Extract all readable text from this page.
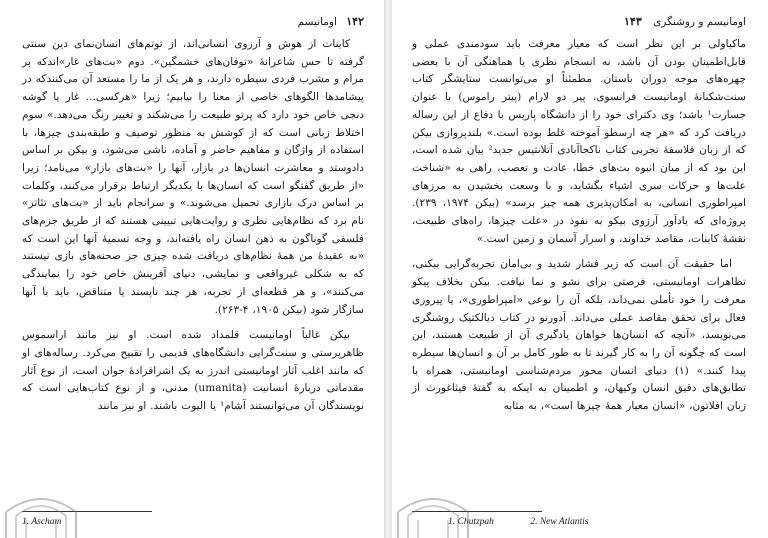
۱۴۲ اومانیسم

کاینات از هوش و آرزوی انسانی‌اند، از توتم‌های انسان‌نمای دین سنتی گرفته تا حس شاعرانهٔ «توفان‌های خشمگین». دوم «بت‌های غار»اندکه بر مرام و مشرب فردی سیطره دارند، و هر یک از ما را مستعد آن می‌کنندکه در پیشامدها الگوهای خاصی از معنا را بیابیم؛ زیرا «هرکسی... غار یا گوشه دنجی خاص خود دارد که پرتو طبیعت را می‌شکند و تغییر رنگ می‌دهد.» سوم اختلاط زبانی است که از کوشش به منظور توصیف و طبقه‌بندی چیزها، با استفاده از واژگان و مفاهیم حاضر و آماده، ناشی می‌شود، و بیکن بر اساس دادوستد و معاشرت انسان‌ها در بازار، آنها را «بت‌های بازار» می‌نامد؛ زیرا «از طریق گفتگو است که انسان‌ها با یکدیگر ارتباط برقرار می‌کنند، وکلمات بر اساس درک بازاری تحمیل می‌شوند.» و سرانجام باید از «بت‌های تئاتر» نام برد که نظام‌هایی نظری و روایت‌هایی تبیینی هستند که از طریق جزم‌های فلسفی گوناگون به ذهن انسان راه یافته‌اند، و وجه تسمیهٔ آنها این است که «به عقیدهٔ من همهٔ نظام‌های دریافت شده چیزی جز صحنه‌های بازی نیستند که به شکلی غیرواقعی و نمایشی، دنیای آفرینش خاص خود را نمایندگی می‌کنند»، و هر قطعه‌ای از تجربه، هر چند ناپسند یا متناقض، باید با آنها سازگار شود (بیکن ۱۹۰۵، ۴-۲۶۳).

بیکن غالباً اومانیست قلمداد شده است. او نیز مانند اراسموس ظاهرپرستی و سنت‌گرایی دانشگاه‌های قدیمی را تقبیح می‌کرد. رساله‌های او که مانند اغلب آثار اومانیستی اندرز به یک اشرافزادهٔ جوان است، از نوع آثار مقدماتی دربارهٔ انسانیت (umanita) مدنی، و از نوع کتاب‌هایی است که نویسندگان آن می‌توانستند آشام¹ یا الیوت باشند. او نیز مانند

1. Ascham
اومانیسم و روشنگری ۱۴۳

ماکیاولی بر این نظر است که معیار معرفت باید سودمندی عملی و قابل‌اطمینان بودن آن باشد، نه انسجام نظری یا هماهنگی آن با بعضی چهره‌های موجه دوران باستان. مطمئناً او می‌توانست ستایشگر کتاب سنت‌شکنانهٔ اومانیست فرانسوی، پیر دو لارام (پیتر راموس) با عنوان جسارت¹ باشد؛ وی دکترای خود را از دانشگاه پاریس با دفاع از این رساله دریافت کرد که «هر چه ارسطو آموخته غلط بوده است.» بلندپروازی بیکن که از زبان فلاسفهٔ تجربی کتاب ناکجاآبادی آتلانتیس جدید² بیان شده است، این بود که از میان انبوه بت‌های خطا، عادت و تعصب، راهی به «شناخت علت‌ها و حرکات سری اشیاء بگشاید، و با وسعت بخشیدن به مرزهای امپراطوری انسانی، به امکان‌پذیری همه چیز برسد» (بیکن ۱۹۷۴، ۲۳۹). پروژه‌ای که یادآور آرزوی بیکو به نفوذ در «علت چیزها، راه‌های طبیعت، نقشهٔ کاینات، مقاصد خداوند، و اسرار آسمان و زمین است.»

اما حقیقت آن است که زیر فشار شدید و بی‌امان تجربه‌گرایی بیکنی، تظاهرات اومانیستی، فرصتی برای نشو و نما نیافت. بیکن بخلاف پیکو معرفت را خود تأملی نمی‌داند، بلکه آن را نوعی «امپراطوری»، یا پیروزی فعال برای تحقق مقاصد عملی می‌داند. آدورنو در کتاب دیالکتیک روشنگری می‌نویسد، «آنچه که انسان‌ها خواهان یادگیری آن از طبیعت هستند، این است که چگونه آن را به کار گیرند تا به طور کامل بر آن و انسان‌ها سیطره پیدا کنند.» (۱) دنیای انسان محور مردم‌شناسی اومانیستی، همراه با تطابق‌های دقیق انسان وکیهان، و اطمینان به اینکه به گفتهٔ فیثاغورث از زبان افلاتون، «انسان معیار همهٔ چیزها است»، به مثابه

1. Chutzpah	2. New Atlantis
